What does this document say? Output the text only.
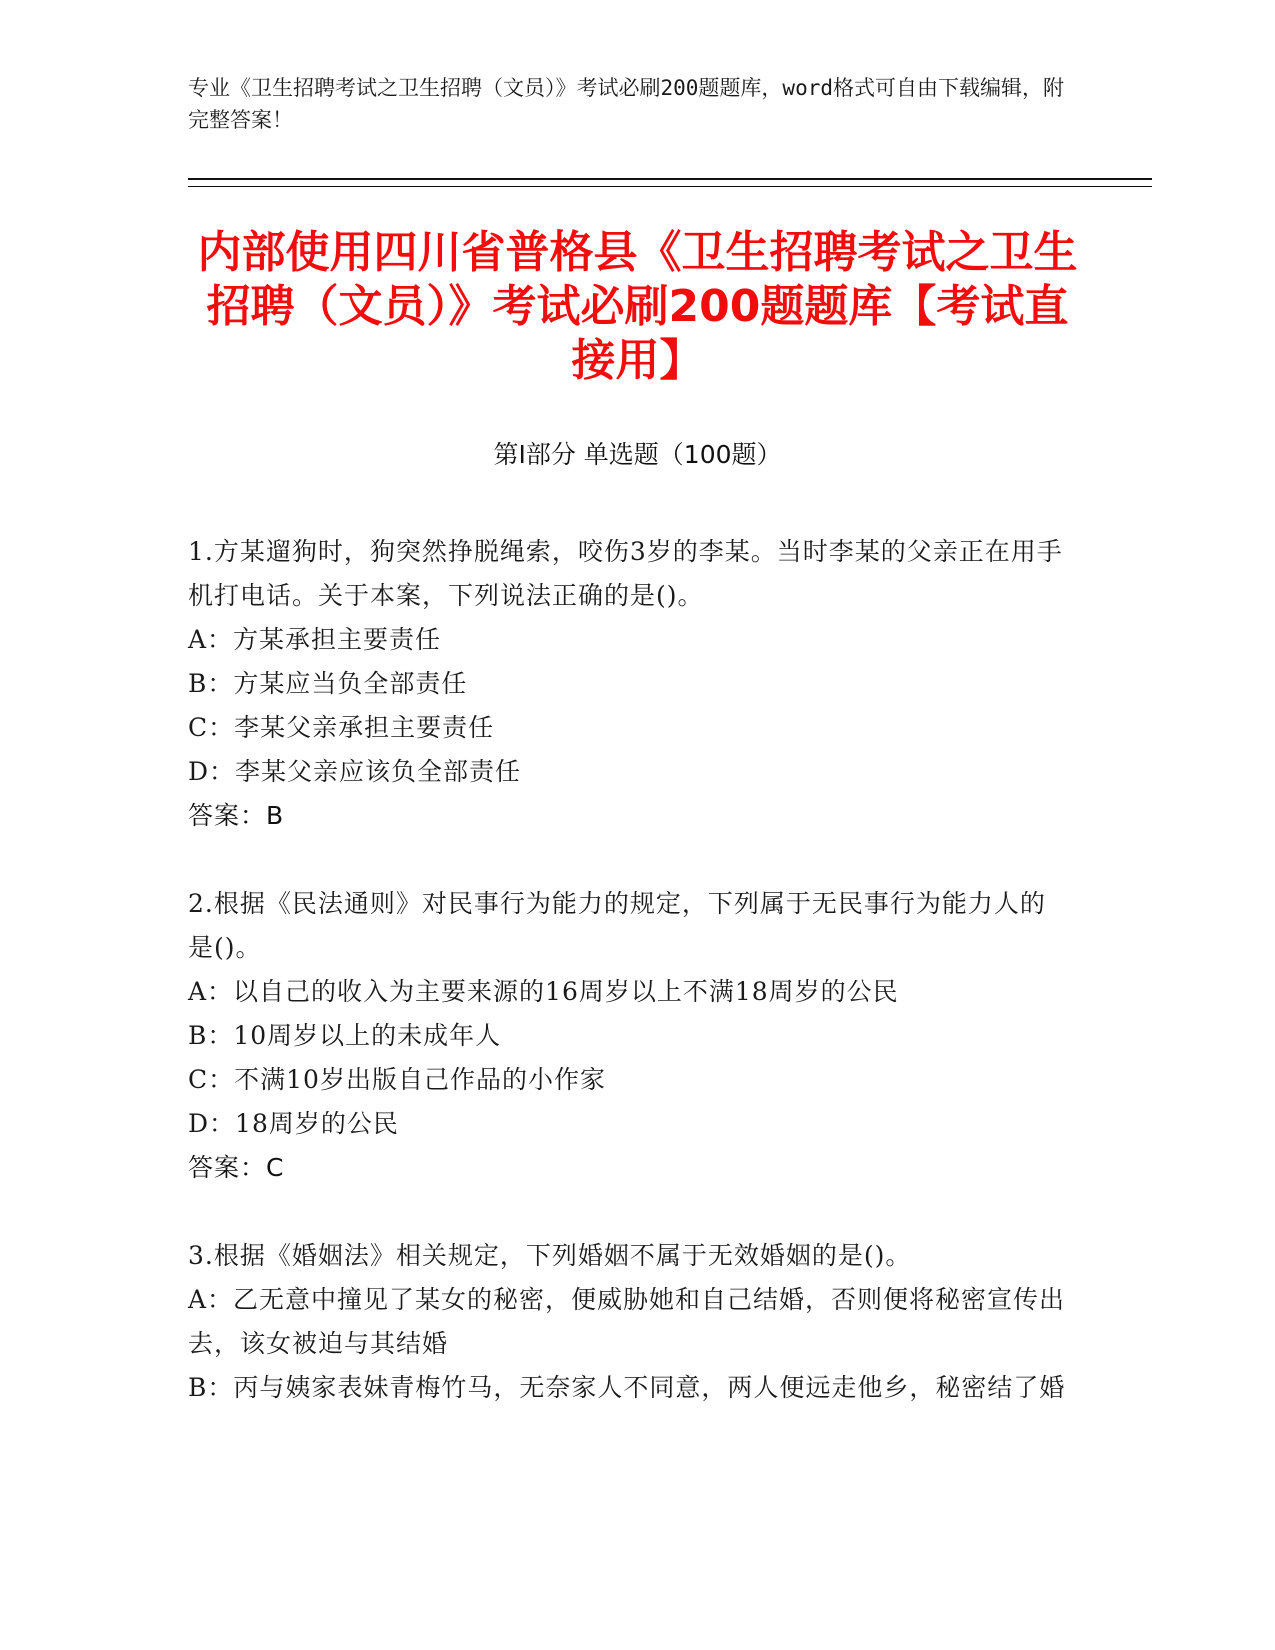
专业《卫生招聘考试之卫生招聘（文员）》考试必刷200题题库，word格式可自由下载编辑，附完整答案！
内部使用四川省普格县《卫生招聘考试之卫生招聘（文员）》考试必刷200题题库【考试直接用】
第I部分 单选题（100题）

1.方某遛狗时，狗突然挣脱绳索，咬伤3岁的李某。当时李某的父亲正在用手机打电话。关于本案，下列说法正确的是()。

A：方某承担主要责任

B：方某应当负全部责任

C：李某父亲承担主要责任

D：李某父亲应该负全部责任

答案：B

2.根据《民法通则》对民事行为能力的规定，下列属于无民事行为能力人的是()。

A：以自己的收入为主要来源的16周岁以上不满18周岁的公民

B：10周岁以上的未成年人

C：不满10岁出版自己作品的小作家

D：18周岁的公民

答案：C

3.根据《婚姻法》相关规定，下列婚姻不属于无效婚姻的是()。

A：乙无意中撞见了某女的秘密，便威胁她和自己结婚，否则便将秘密宣传出去，该女被迫与其结婚

B：丙与姨家表妹青梅竹马，无奈家人不同意，两人便远走他乡，秘密结了婚
